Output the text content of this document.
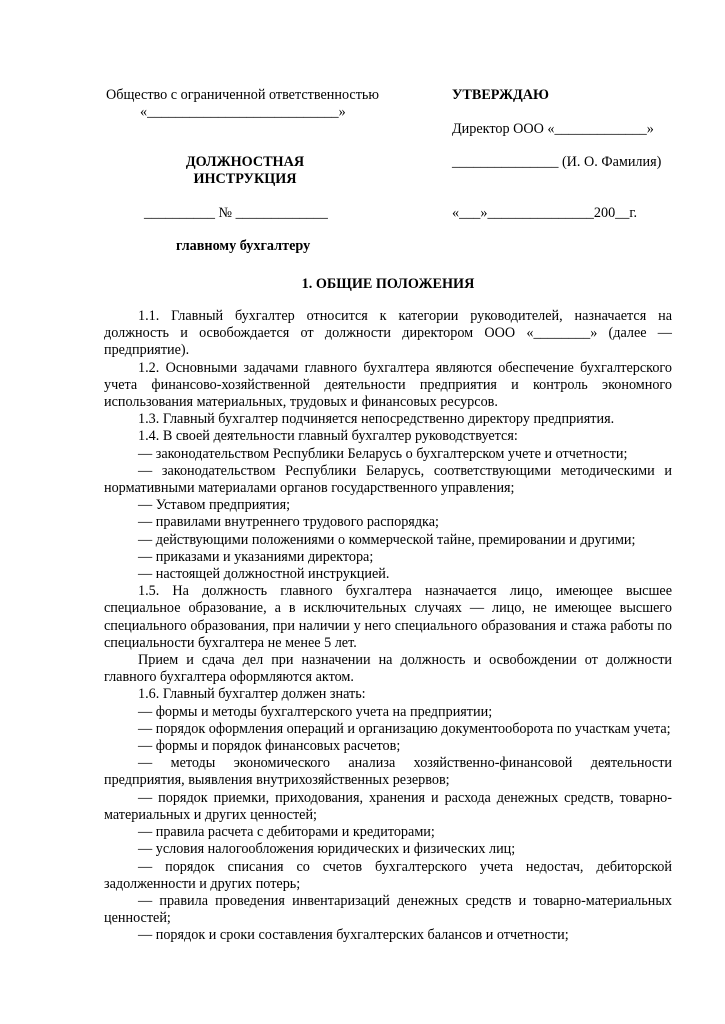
Общество с ограниченной ответственностью
«___________________________»
УТВЕРЖДАЮ
Директор ООО «_____________»
ДОЛЖНОСТНАЯ
ИНСТРУКЦИЯ
_______________ (И. О. Фамилия)
__________ № _____________	«___»_______________200__г.
главному бухгалтеру
1. ОБЩИЕ ПОЛОЖЕНИЯ

1.1. Главный бухгалтер относится к категории руководителей, назначается на должность и освобождается от должности директором ООО «________» (далее — предприятие).

1.2. Основными задачами главного бухгалтера являются обеспечение бухгалтерского учета финансово-хозяйственной деятельности предприятия и контроль экономного использования материальных, трудовых и финансовых ресурсов.

1.3. Главный бухгалтер подчиняется непосредственно директору предприятия.

1.4. В своей деятельности главный бухгалтер руководствуется:

— законодательством Республики Беларусь о бухгалтерском учете и отчетности;

— законодательством Республики Беларусь, соответствующими методическими и нормативными материалами органов государственного управления;

— Уставом предприятия;

— правилами внутреннего трудового распорядка;

— действующими положениями о коммерческой тайне, премировании и другими;

— приказами и указаниями директора;

— настоящей должностной инструкцией.

1.5. На должность главного бухгалтера назначается лицо, имеющее высшее специальное образование, а в исключительных случаях — лицо, не имеющее высшего специального образования, при наличии у него специального образования и стажа работы по специальности бухгалтера не менее 5 лет.

Прием и сдача дел при назначении на должность и освобождении от должности главного бухгалтера оформляются актом.

1.6. Главный бухгалтер должен знать:

— формы и методы бухгалтерского учета на предприятии;

— порядок оформления операций и организацию документооборота по участкам учета;

— формы и порядок финансовых расчетов;

— методы экономического анализа хозяйственно-финансовой деятельности предприятия, выявления внутрихозяйственных резервов;

— порядок приемки, приходования, хранения и расхода денежных средств, товарно-материальных и других ценностей;

— правила расчета с дебиторами и кредиторами;

— условия налогообложения юридических и физических лиц;

— порядок списания со счетов бухгалтерского учета недостач, дебиторской задолженности и других потерь;

— правила проведения инвентаризаций денежных средств и товарно-материальных ценностей;

— порядок и сроки составления бухгалтерских балансов и отчетности;
